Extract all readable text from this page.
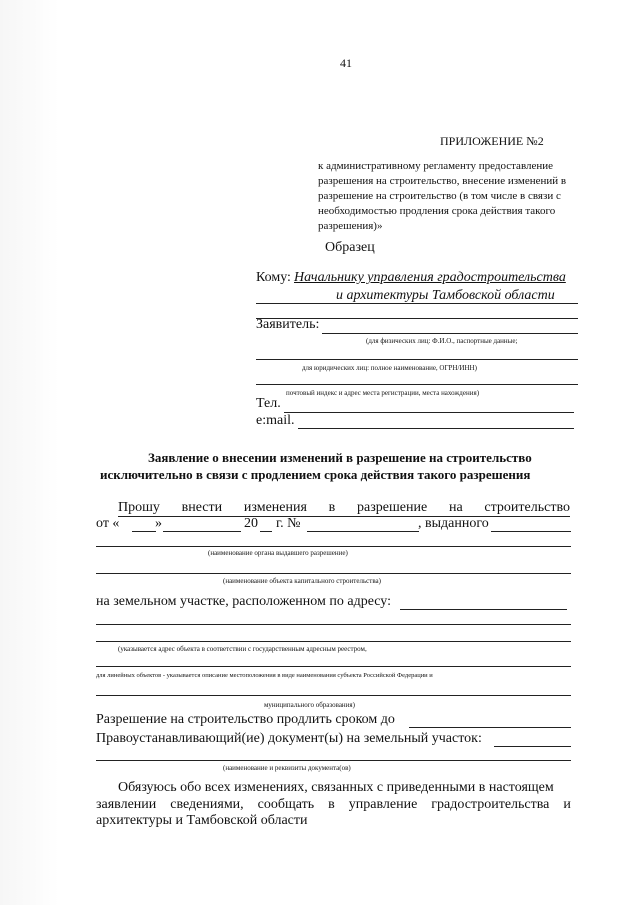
41
ПРИЛОЖЕНИЕ №2
к административному регламенту предоставление
разрешения на строительство, внесение изменений в
разрешение на строительство (в том числе в связи с
необходимостью продления срока действия такого
разрешения)»
Образец
Кому: Начальнику управления градостроительства
и архитектуры Тамбовской области
Заявитель:
(для физических лиц: Ф.И.О., паспортные данные;
для юридических лиц: полное наименование, ОГРН/ИНН)
почтовый индекс и адрес места регистрации, места нахождения)
Тел.
e:mail.
Заявление о внесении изменений в разрешение на строительство
исключительно в связи с продлением срока действия такого разрешения
Прошу внести изменения в разрешение на строительство
от «	»	20 г. №	, выданного
(наименование органа выдавшего разрешение)
(наименование объекта капитального строительства)
на земельном участке, расположенном по адресу:
(указывается адрес объекта в соответствии с государственным адресным реестром,
для линейных объектов - указывается описание местоположения в виде наименования субъекта Российской Федерации и
муниципального образования)
Разрешение на строительство продлить сроком до
Правоустанавливающий(ие) документ(ы) на земельный участок:
(наименование и реквизиты документа(ов)
Обязуюсь обо всех изменениях, связанных с приведенными в настоящем
заявлении    сведениями,    сообщать    в    управление    градостроительства    и
архитектуры и Тамбовской области
